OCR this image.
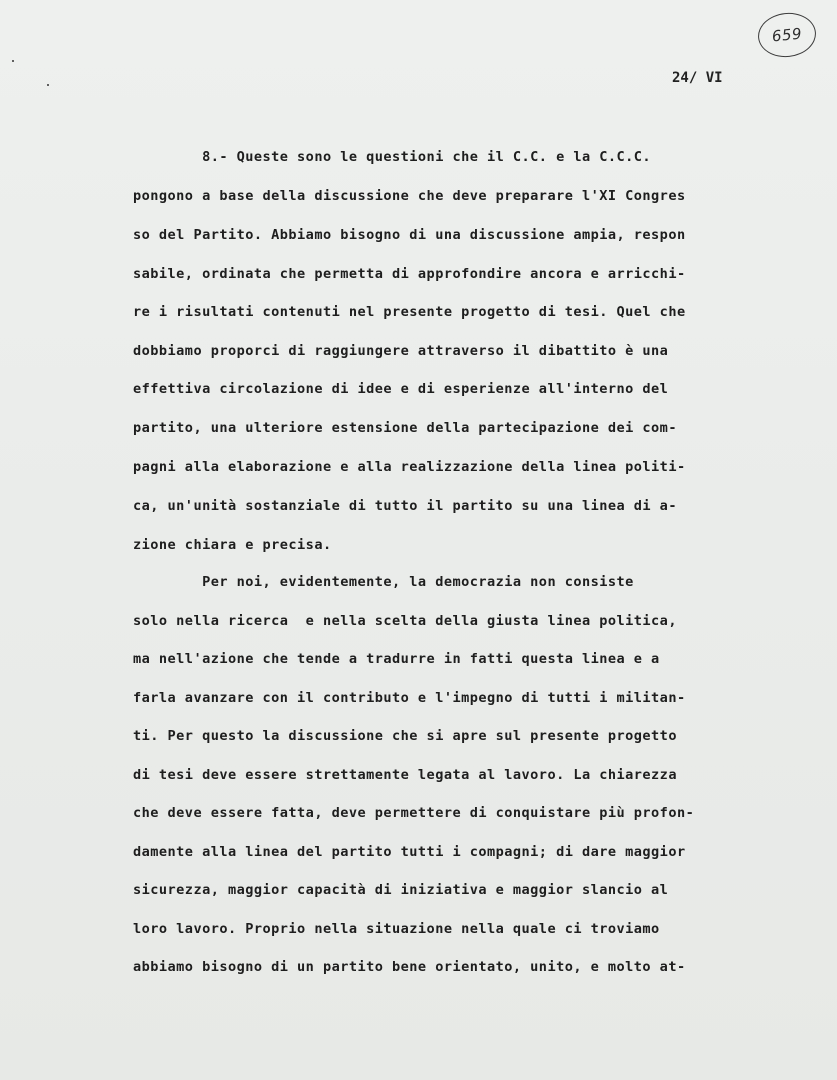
659
24/ VI
8.- Queste sono le questioni che il C.C. e la C.C.C.
pongono a base della discussione che deve preparare l'XI Congres
so del Partito. Abbiamo bisogno di una discussione ampia, respon
sabile, ordinata che permetta di approfondire ancora e arricchi-
re i risultati contenuti nel presente progetto di tesi. Quel che
dobbiamo proporci di raggiungere attraverso il dibattito è una
effettiva circolazione di idee e di esperienze all'interno del
partito, una ulteriore estensione della partecipazione dei com-
pagni alla elaborazione e alla realizzazione della linea politi-
ca, un'unità sostanziale di tutto il partito su una linea di a-
zione chiara e precisa.
Per noi, evidentemente, la democrazia non consiste
solo nella ricerca  e nella scelta della giusta linea politica,
ma nell'azione che tende a tradurre in fatti questa linea e a
farla avanzare con il contributo e l'impegno di tutti i militan-
ti. Per questo la discussione che si apre sul presente progetto
di tesi deve essere strettamente legata al lavoro. La chiarezza
che deve essere fatta, deve permettere di conquistare più profon-
damente alla linea del partito tutti i compagni; di dare maggior
sicurezza, maggior capacità di iniziativa e maggior slancio al
loro lavoro. Proprio nella situazione nella quale ci troviamo
abbiamo bisogno di un partito bene orientato, unito, e molto at-
